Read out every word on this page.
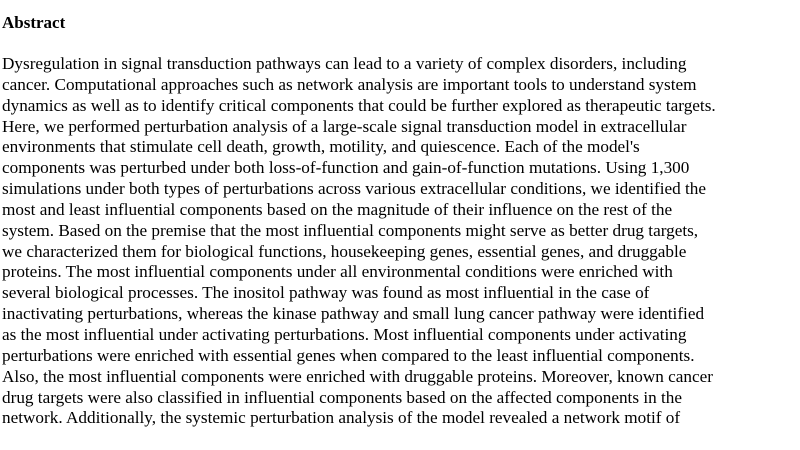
Abstract
Dysregulation in signal transduction pathways can lead to a variety of complex disorders, including
cancer. Computational approaches such as network analysis are important tools to understand system
dynamics as well as to identify critical components that could be further explored as therapeutic targets.
Here, we performed perturbation analysis of a large-scale signal transduction model in extracellular
environments that stimulate cell death, growth, motility, and quiescence. Each of the model's
components was perturbed under both loss-of-function and gain-of-function mutations. Using 1,300
simulations under both types of perturbations across various extracellular conditions, we identified the
most and least influential components based on the magnitude of their influence on the rest of the
system. Based on the premise that the most influential components might serve as better drug targets,
we characterized them for biological functions, housekeeping genes, essential genes, and druggable
proteins. The most influential components under all environmental conditions were enriched with
several biological processes. The inositol pathway was found as most influential in the case of
inactivating perturbations, whereas the kinase pathway and small lung cancer pathway were identified
as the most influential under activating perturbations. Most influential components under activating
perturbations were enriched with essential genes when compared to the least influential components.
Also, the most influential components were enriched with druggable proteins. Moreover, known cancer
drug targets were also classified in influential components based on the affected components in the
network. Additionally, the systemic perturbation analysis of the model revealed a network motif of
